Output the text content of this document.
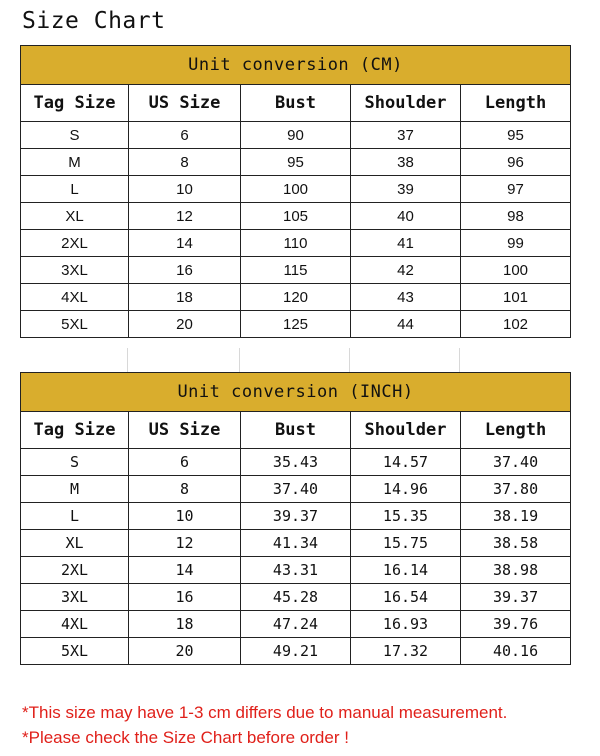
Size Chart
Unit conversion (CM)				
Tag Size	US Size	Bust	Shoulder	Length
S	6	90	37	95
M	8	95	38	96
L	10	100	39	97
XL	12	105	40	98
2XL	14	110	41	99
3XL	16	115	42	100
4XL	18	120	43	101
5XL	20	125	44	102
Unit conversion (INCH)				
Tag Size	US Size	Bust	Shoulder	Length
S	6	35.43	14.57	37.40
M	8	37.40	14.96	37.80
L	10	39.37	15.35	38.19
XL	12	41.34	15.75	38.58
2XL	14	43.31	16.14	38.98
3XL	16	45.28	16.54	39.37
4XL	18	47.24	16.93	39.76
5XL	20	49.21	17.32	40.16
*This size may have 1-3 cm differs due to manual measurement.
*Please check the Size Chart before order !
